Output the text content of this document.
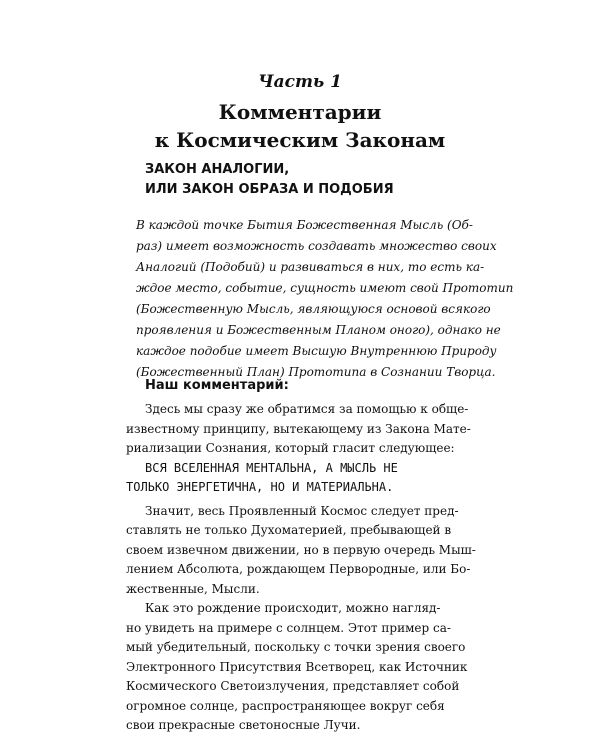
Часть 1
Комментарии
к Космическим Законам
ЗАКОН АНАЛОГИИ,
ИЛИ ЗАКОН ОБРАЗА И ПОДОБИЯ
В каждой точке Бытия Божественная Мысль (Об-
раз) имеет возможность создавать множество своих
Аналогий (Подобий) и развиваться в них, то есть ка-
ждое место, событие, сущность имеют свой Прототип
(Божественную Мысль, являющуюся основой всякого
проявления и Божественным Планом оного), однако не
каждое подобие имеет Высшую Внутреннюю Природу
(Божественный План) Прототипа в Сознании Творца.
Наш комментарий:
Здесь мы сразу же обратимся за помощью к обще-
известному принципу, вытекающему из Закона Мате-
риализации Сознания, который гласит следующее:
ВСЯ ВСЕЛЕННАЯ МЕНТАЛЬНА, А МЫСЛЬ НЕ
ТОЛЬКО ЭНЕРГЕТИЧНА, НО И МАТЕРИАЛЬНА.
Значит, весь Проявленный Космос следует пред-
ставлять не только Духоматерией, пребывающей в
своем извечном движении, но в первую очередь Мыш-
лением Абсолюта, рождающем Первородные, или Бо-
жественные, Мысли.
Как это рождение происходит, можно нагляд-
но увидеть на примере с солнцем. Этот пример са-
мый убедительный, поскольку с точки зрения своего
Электронного Присутствия Всетворец, как Источник
Космического Светоизлучения, представляет собой
огромное солнце, распространяющее вокруг себя
свои прекрасные светоносные Лучи.
